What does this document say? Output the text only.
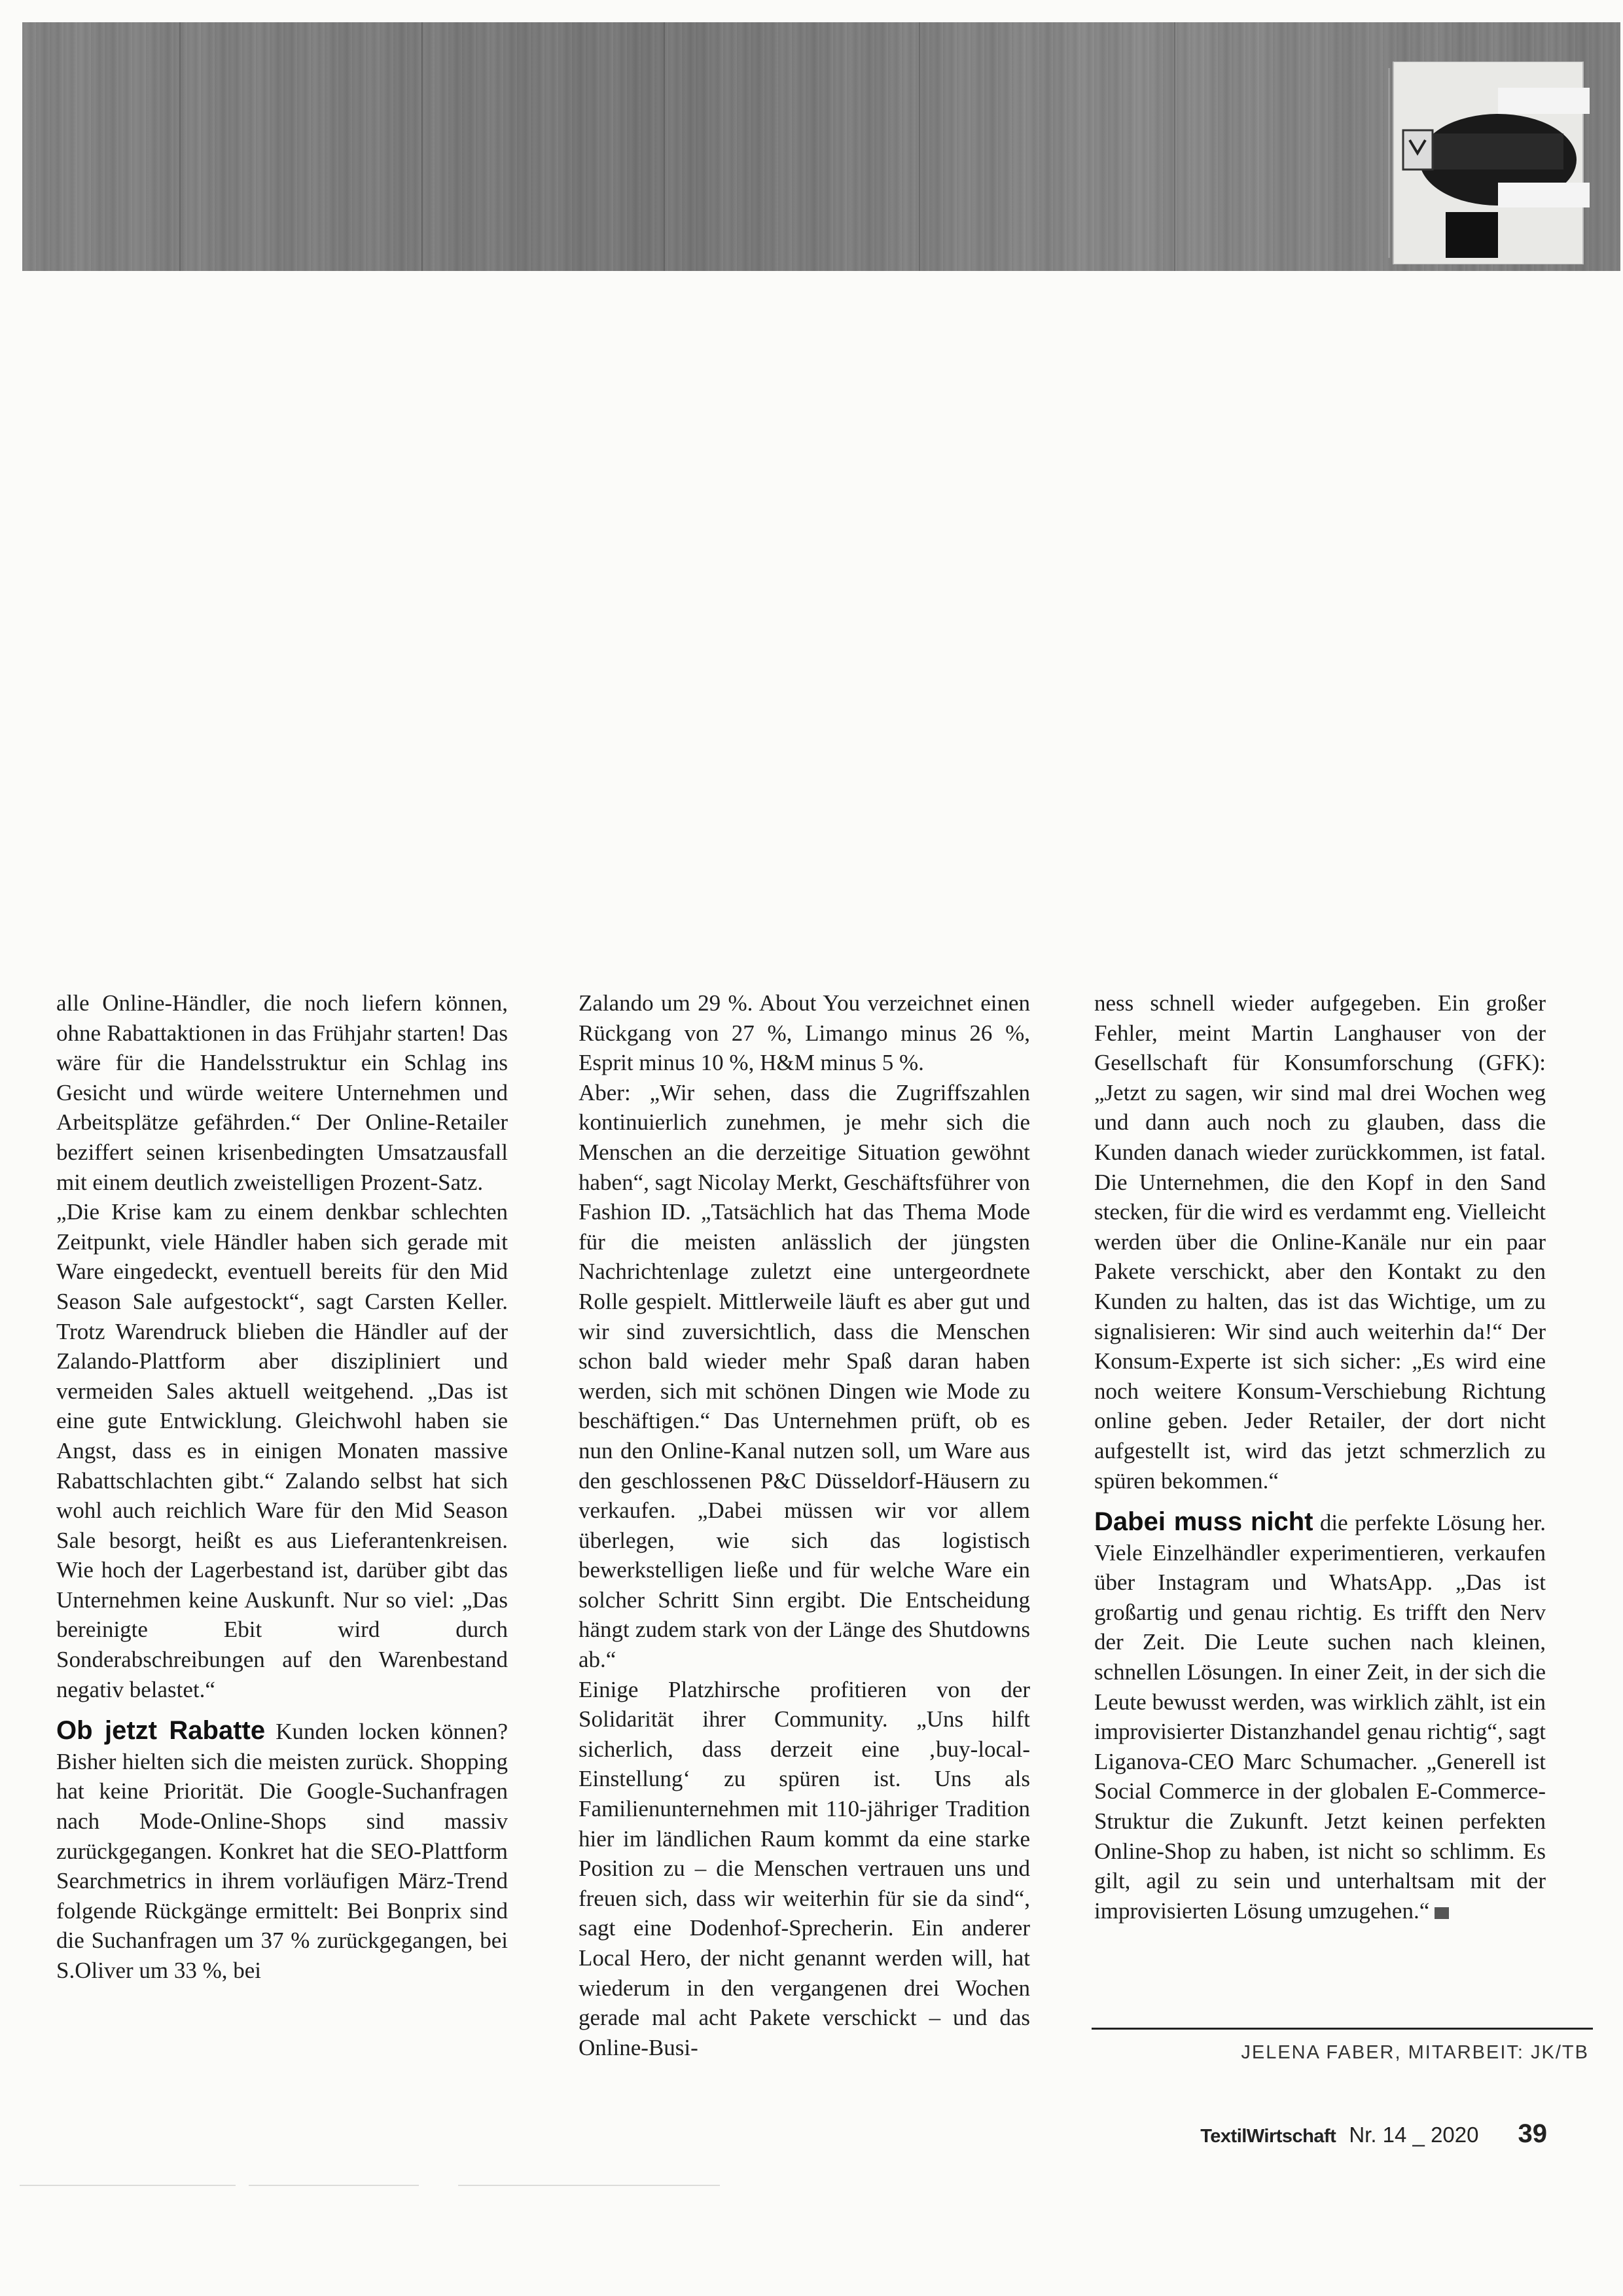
alle Online-Händler, die noch liefern können, ohne Rabattaktionen in das Frühjahr starten! Das wäre für die Handelsstruktur ein Schlag ins Gesicht und würde weitere Unternehmen und Arbeitsplätze gefährden.“ Der Online-Retailer beziffert seinen krisenbedingten Umsatzausfall mit einem deutlich zweistelligen Prozent-Satz.

„Die Krise kam zu einem denkbar schlechten Zeitpunkt, viele Händler haben sich gerade mit Ware eingedeckt, eventuell bereits für den Mid Season Sale aufgestockt“, sagt Carsten Keller. Trotz Warendruck blieben die Händler auf der Zalando-Plattform aber diszipliniert und vermeiden Sales aktuell weitgehend. „Das ist eine gute Entwicklung. Gleichwohl haben sie Angst, dass es in einigen Monaten massive Rabattschlachten gibt.“ Zalando selbst hat sich wohl auch reichlich Ware für den Mid Season Sale besorgt, heißt es aus Lieferantenkreisen. Wie hoch der Lagerbestand ist, darüber gibt das Unternehmen keine Auskunft. Nur so viel: „Das bereinigte Ebit wird durch Sonderabschreibungen auf den Warenbestand negativ belastet.“

Ob jetzt Rabatte Kunden locken können? Bisher hielten sich die meisten zurück. Shopping hat keine Priorität. Die Google-Suchanfragen nach Mode-Online-Shops sind massiv zurückgegangen. Konkret hat die SEO-Plattform Searchmetrics in ihrem vorläufigen März-Trend folgende Rückgänge ermittelt: Bei Bonprix sind die Suchanfragen um 37 % zurückgegangen, bei S.Oliver um 33 %, bei

Zalando um 29 %. About You verzeichnet einen Rückgang von 27 %, Limango minus 26 %, Esprit minus 10 %, H&M minus 5 %.

Aber: „Wir sehen, dass die Zugriffszahlen kontinuierlich zunehmen, je mehr sich die Menschen an die derzeitige Situation gewöhnt haben“, sagt Nicolay Merkt, Geschäftsführer von Fashion ID. „Tatsächlich hat das Thema Mode für die meisten anlässlich der jüngsten Nachrichtenlage zuletzt eine untergeordnete Rolle gespielt. Mittlerweile läuft es aber gut und wir sind zuversichtlich, dass die Menschen schon bald wieder mehr Spaß daran haben werden, sich mit schönen Dingen wie Mode zu beschäftigen.“ Das Unternehmen prüft, ob es nun den Online-Kanal nutzen soll, um Ware aus den geschlossenen P&C Düsseldorf-Häusern zu verkaufen. „Dabei müssen wir vor allem überlegen, wie sich das logistisch bewerkstelligen ließe und für welche Ware ein solcher Schritt Sinn ergibt. Die Entscheidung hängt zudem stark von der Länge des Shutdowns ab.“

Einige Platzhirsche profitieren von der Solidarität ihrer Community. „Uns hilft sicherlich, dass derzeit eine ‚buy-local-Einstellung‘ zu spüren ist. Uns als Familienunternehmen mit 110-jähriger Tradition hier im ländlichen Raum kommt da eine starke Position zu – die Menschen vertrauen uns und freuen sich, dass wir weiterhin für sie da sind“, sagt eine Dodenhof-Sprecherin. Ein anderer Local Hero, der nicht genannt werden will, hat wiederum in den vergangenen drei Wochen gerade mal acht Pakete verschickt – und das Online-Busi-

ness schnell wieder aufgegeben. Ein großer Fehler, meint Martin Langhauser von der Gesellschaft für Konsumforschung (GFK): „Jetzt zu sagen, wir sind mal drei Wochen weg und dann auch noch zu glauben, dass die Kunden danach wieder zurückkommen, ist fatal. Die Unternehmen, die den Kopf in den Sand stecken, für die wird es verdammt eng. Vielleicht werden über die Online-Kanäle nur ein paar Pakete verschickt, aber den Kontakt zu den Kunden zu halten, das ist das Wichtige, um zu signalisieren: Wir sind auch weiterhin da!“ Der Konsum-Experte ist sich sicher: „Es wird eine noch weitere Konsum-Verschiebung Richtung online geben. Jeder Retailer, der dort nicht aufgestellt ist, wird das jetzt schmerzlich zu spüren bekommen.“

Dabei muss nicht die perfekte Lösung her. Viele Einzelhändler experimentieren, verkaufen über Instagram und WhatsApp. „Das ist großartig und genau richtig. Es trifft den Nerv der Zeit. Die Leute suchen nach kleinen, schnellen Lösungen. In einer Zeit, in der sich die Leute bewusst werden, was wirklich zählt, ist ein improvisierter Distanzhandel genau richtig“, sagt Liganova-CEO Marc Schumacher. „Generell ist Social Commerce in der globalen E-Commerce-Struktur die Zukunft. Jetzt keinen perfekten Online-Shop zu haben, ist nicht so schlimm. Es gilt, agil zu sein und unterhaltsam mit der improvisierten Lösung umzugehen.“

JELENA FABER, MITARBEIT: JK/TB
TextilWirtschaft Nr. 14 _ 2020 39
